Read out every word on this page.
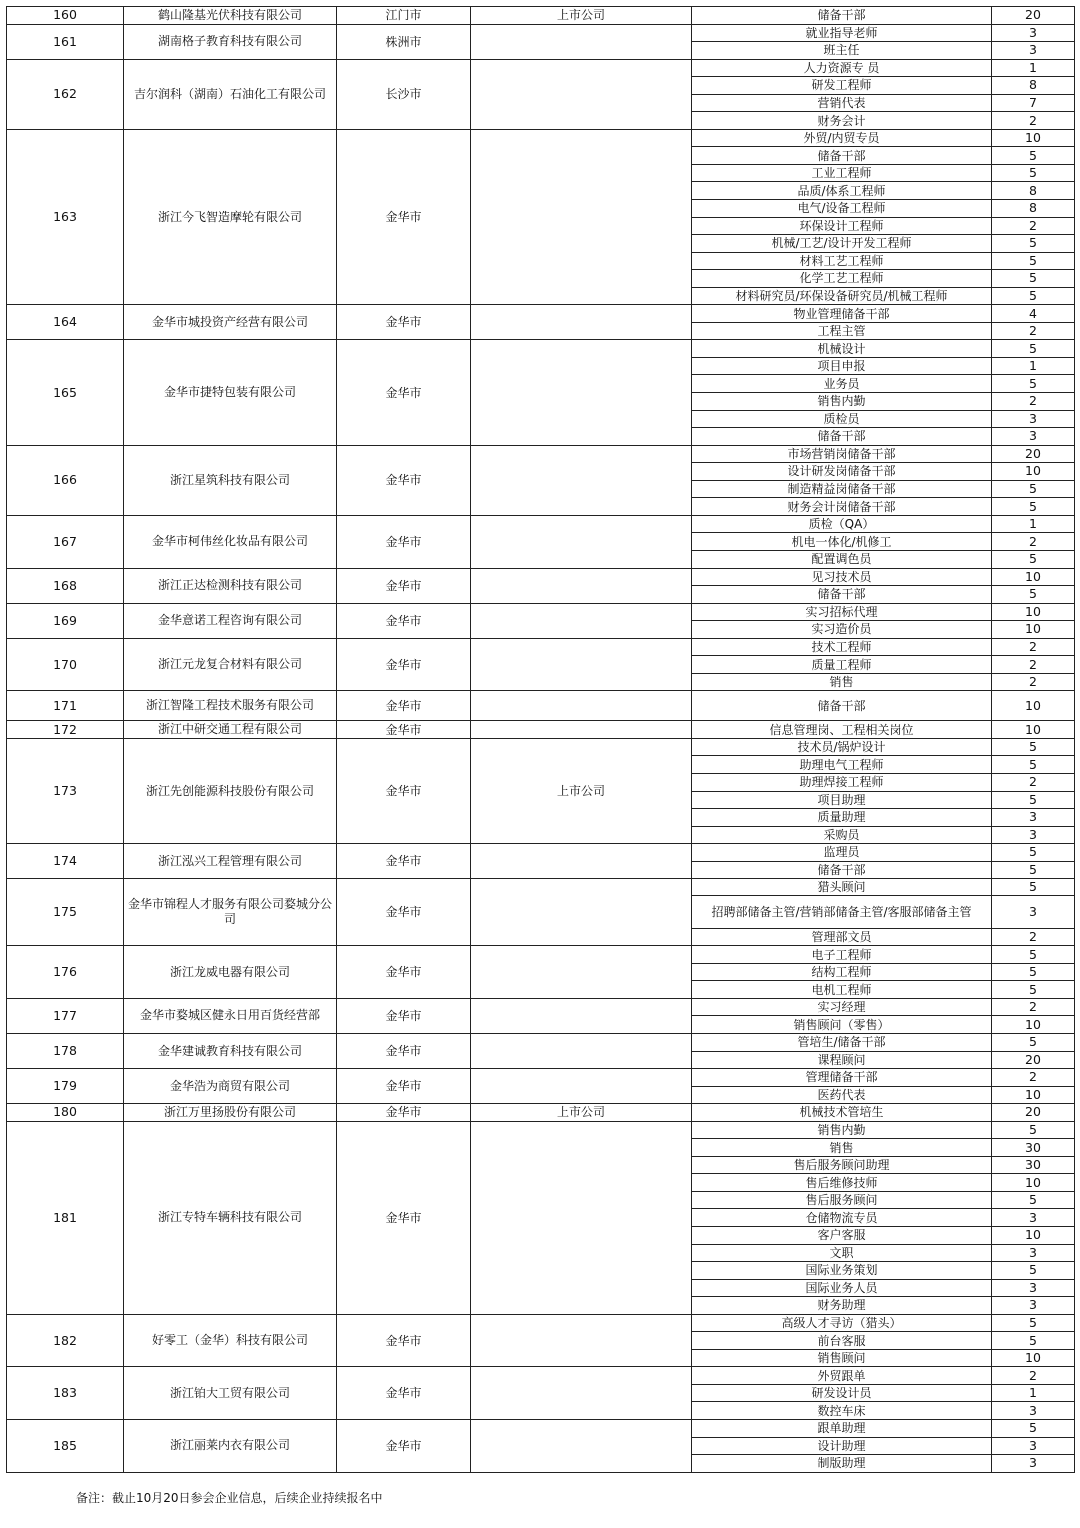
160	鹤山隆基光伏科技有限公司	江门市	上市公司	储备干部	20
161	湖南格子教育科技有限公司	株洲市		就业指导老师	3
				班主任	3
162	吉尔润科（湖南）石油化工有限公司	长沙市		人力资源专 员	1
				研发工程师	8
				营销代表	7
				财务会计	2
163	浙江今飞智造摩轮有限公司	金华市		外贸/内贸专员	10
				储备干部	5
				工业工程师	5
				品质/体系工程师	8
				电气/设备工程师	8
				环保设计工程师	2
				机械/工艺/设计开发工程师	5
				材料工艺工程师	5
				化学工艺工程师	5
				材料研究员/环保设备研究员/机械工程师	5
164	金华市城投资产经营有限公司	金华市		物业管理储备干部	4
				工程主管	2
165	金华市捷特包装有限公司	金华市		机械设计	5
				项目申报	1
				业务员	5
				销售内勤	2
				质检员	3
				储备干部	3
166	浙江星筑科技有限公司	金华市		市场营销岗储备干部	20
				设计研发岗储备干部	10
				制造精益岗储备干部	5
				财务会计岗储备干部	5
167	金华市柯伟丝化妆品有限公司	金华市		质检（QA）	1
				机电一体化/机修工	2
				配置调色员	5
168	浙江正达检测科技有限公司	金华市		见习技术员	10
				储备干部	5
169	金华意诺工程咨询有限公司	金华市		实习招标代理	10
				实习造价员	10
170	浙江元龙复合材料有限公司	金华市		技术工程师	2
				质量工程师	2
				销售	2
171	浙江智隆工程技术服务有限公司	金华市		储备干部	10
172	浙江中研交通工程有限公司	金华市		信息管理岗、工程相关岗位	10
173	浙江先创能源科技股份有限公司	金华市	上市公司	技术员/锅炉设计	5
				助理电气工程师	5
				助理焊接工程师	2
				项目助理	5
				质量助理	3
				采购员	3
174	浙江泓兴工程管理有限公司	金华市		监理员	5
				储备干部	5
175	金华市锦程人才服务有限公司婺城分公司	金华市		猎头顾问	5
				招聘部储备主管/营销部储备主管/客服部储备主管	3
				管理部文员	2
176	浙江龙威电器有限公司	金华市		电子工程师	5
				结构工程师	5
				电机工程师	5
177	金华市婺城区健永日用百货经营部	金华市		实习经理	2
				销售顾问（零售）	10
178	金华建诚教育科技有限公司	金华市		管培生/储备干部	5
				课程顾问	20
179	金华浩为商贸有限公司	金华市		管理储备干部	2
				医药代表	10
180	浙江万里扬股份有限公司	金华市	上市公司	机械技术管培生	20
181	浙江专特车辆科技有限公司	金华市		销售内勤	5
				销售	30
				售后服务顾问助理	30
				售后维修技师	10
				售后服务顾问	5
				仓储物流专员	3
				客户客服	10
				文职	3
				国际业务策划	5
				国际业务人员	3
				财务助理	3
182	好零工（金华）科技有限公司	金华市		高级人才寻访（猎头）	5
				前台客服	5
				销售顾问	10
183	浙江铂大工贸有限公司	金华市		外贸跟单	2
				研发设计员	1
				数控车床	3
185	浙江丽莱内衣有限公司	金华市		跟单助理	5
				设计助理	3
				制版助理	3
备注：截止10月20日参会企业信息，后续企业持续报名中
